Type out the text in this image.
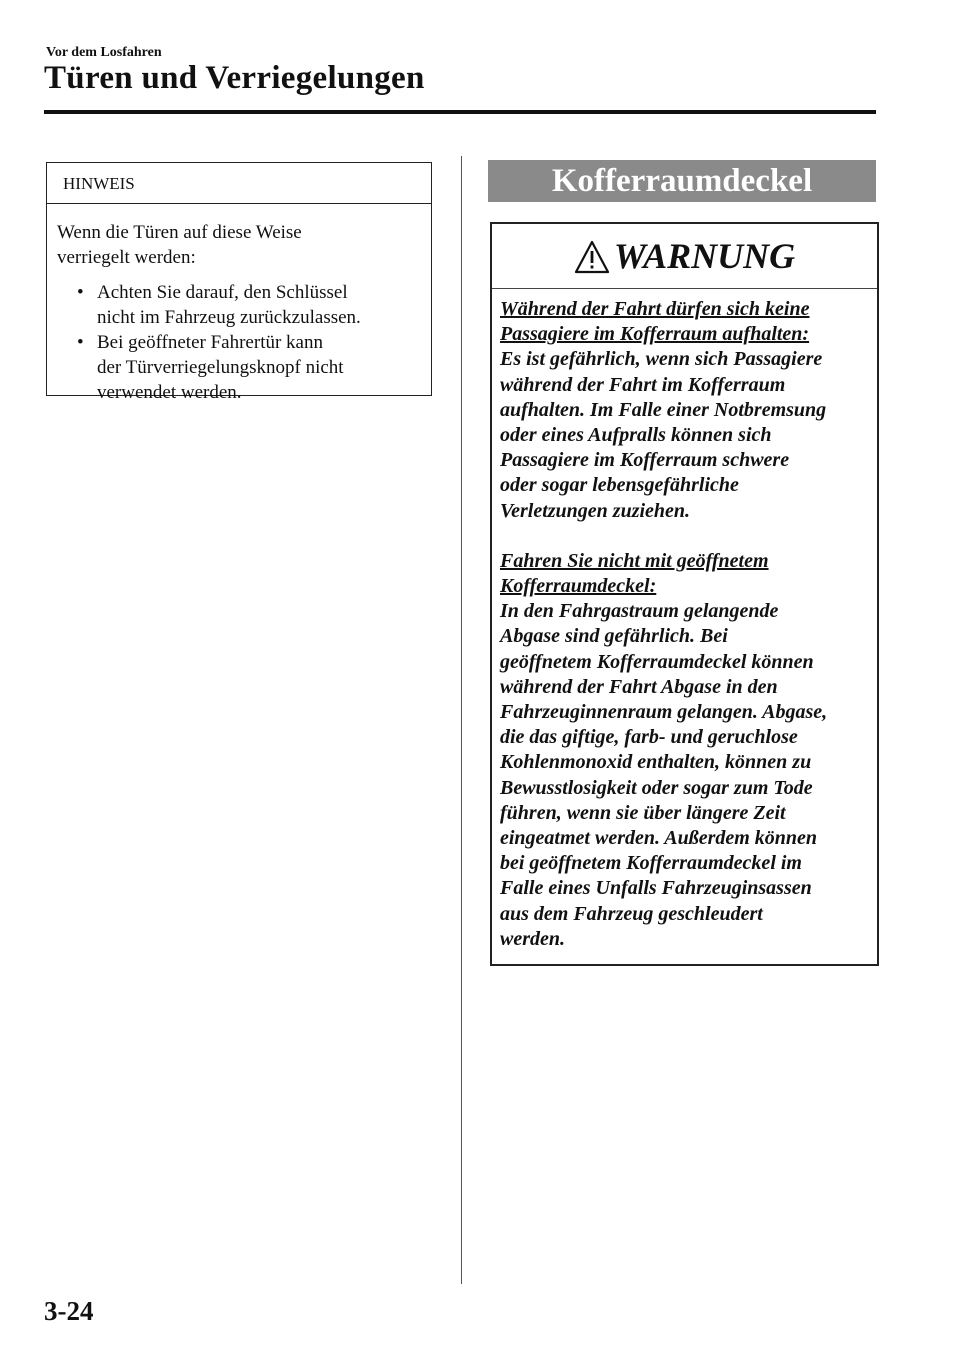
Vor dem Losfahren
Türen und Verriegelungen
HINWEIS

Wenn die Türen auf diese Weise
verriegelt werden:

• Achten Sie darauf, den Schlüssel
nicht im Fahrzeug zurückzulassen.
• Bei geöffneter Fahrertür kann
der Türverriegelungsknopf nicht
verwendet werden.
Kofferraumdeckel
WARNUNG

Während der Fahrt dürfen sich keine
Passagiere im Kofferraum aufhalten:

Es ist gefährlich, wenn sich Passagiere
während der Fahrt im Kofferraum
aufhalten. Im Falle einer Notbremsung
oder eines Aufpralls können sich
Passagiere im Kofferraum schwere
oder sogar lebensgefährliche
Verletzungen zuziehen.

Fahren Sie nicht mit geöffnetem
Kofferraumdeckel:

In den Fahrgastraum gelangende
Abgase sind gefährlich. Bei
geöffnetem Kofferraumdeckel können
während der Fahrt Abgase in den
Fahrzeuginnenraum gelangen. Abgase,
die das giftige, farb- und geruchlose
Kohlenmonoxid enthalten, können zu
Bewusstlosigkeit oder sogar zum Tode
führen, wenn sie über längere Zeit
eingeatmet werden. Außerdem können
bei geöffnetem Kofferraumdeckel im
Falle eines Unfalls Fahrzeuginsassen
aus dem Fahrzeug geschleudert
werden.

3-24
